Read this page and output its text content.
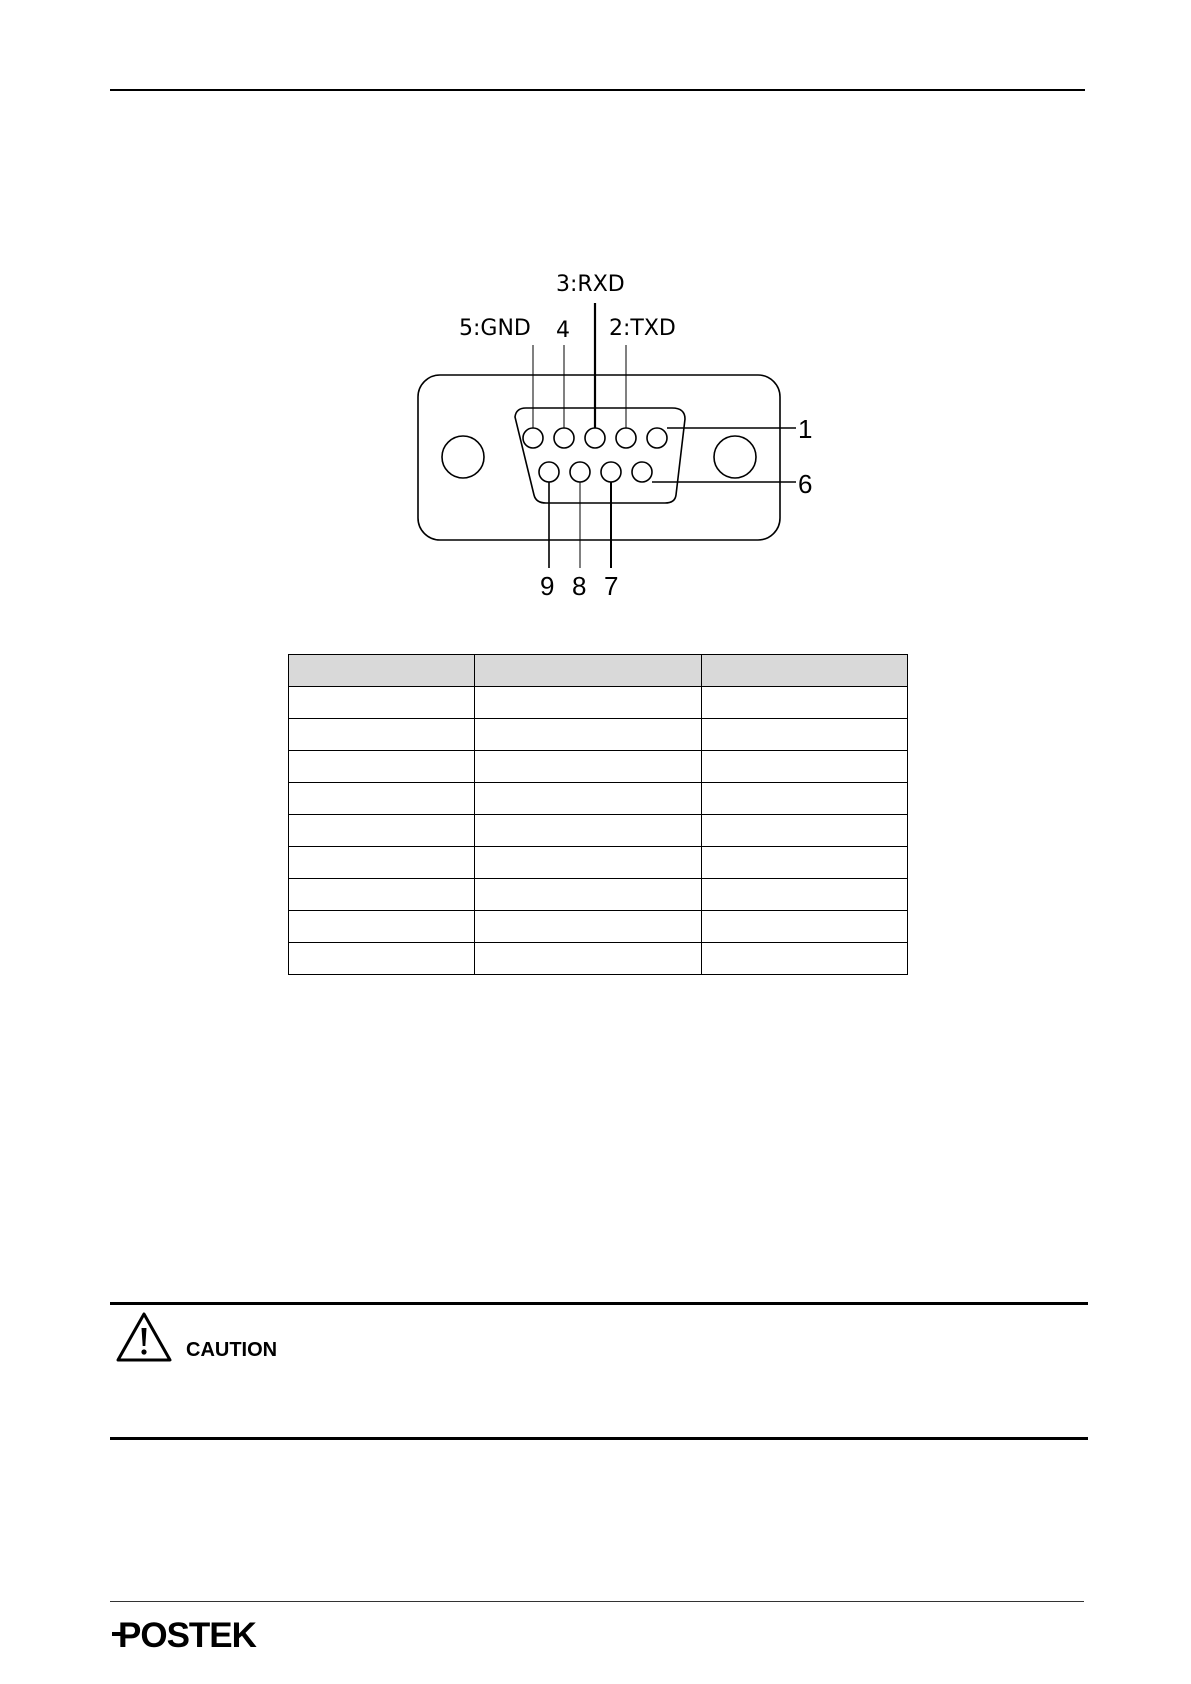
3:RXD
5:GND 4 2:TXD
1
6
9 8 7

CAUTION
POSTEK
